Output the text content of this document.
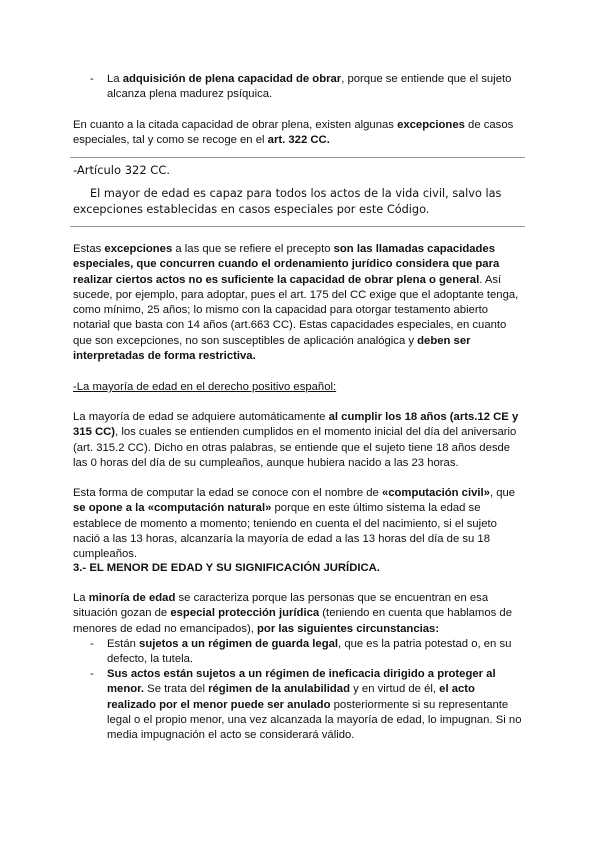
- La adquisición de plena capacidad de obrar, porque se entiende que el sujeto alcanza plena madurez psíquica.

En cuanto a la citada capacidad de obrar plena, existen algunas excepciones de casos especiales, tal y como se recoge en el art. 322 CC.

-Artículo 322 CC.

El mayor de edad es capaz para todos los actos de la vida civil, salvo las excepciones establecidas en casos especiales por este Código.

Estas excepciones a las que se refiere el precepto son las llamadas capacidades especiales, que concurren cuando el ordenamiento jurídico considera que para realizar ciertos actos no es suficiente la capacidad de obrar plena o general. Así sucede, por ejemplo, para adoptar, pues el art. 175 del CC exige que el adoptante tenga, como mínimo, 25 años; lo mismo con la capacidad para otorgar testamento abierto notarial que basta con 14 años (art.663 CC). Estas capacidades especiales, en cuanto que son excepciones, no son susceptibles de aplicación analógica y deben ser interpretadas de forma restrictiva.

-La mayoría de edad en el derecho positivo español:

La mayoría de edad se adquiere automáticamente al cumplir los 18 años (arts.12 CE y 315 CC), los cuales se entienden cumplidos en el momento inicial del día del aniversario (art. 315.2 CC). Dicho en otras palabras, se entiende que el sujeto tiene 18 años desde las 0 horas del día de su cumpleaños, aunque hubiera nacido a las 23 horas.

Esta forma de computar la edad se conoce con el nombre de «computación civil», que se opone a la «computación natural» porque en este último sistema la edad se establece de momento a momento; teniendo en cuenta el del nacimiento, si el sujeto nació a las 13 horas, alcanzaría la mayoría de edad a las 13 horas del día de su 18 cumpleaños.

3.- EL MENOR DE EDAD Y SU SIGNIFICACIÓN JURÍDICA.

La minoría de edad se caracteriza porque las personas que se encuentran en esa situación gozan de especial protección jurídica (teniendo en cuenta que hablamos de menores de edad no emancipados), por las siguientes circunstancias:

- Están sujetos a un régimen de guarda legal, que es la patria potestad o, en su defecto, la tutela.

- Sus actos están sujetos a un régimen de ineficacia dirigido a proteger al menor. Se trata del régimen de la anulabilidad y en virtud de él, el acto realizado por el menor puede ser anulado posteriormente si su representante legal o el propio menor, una vez alcanzada la mayoría de edad, lo impugnan. Si no media impugnación el acto se considerará válido.
